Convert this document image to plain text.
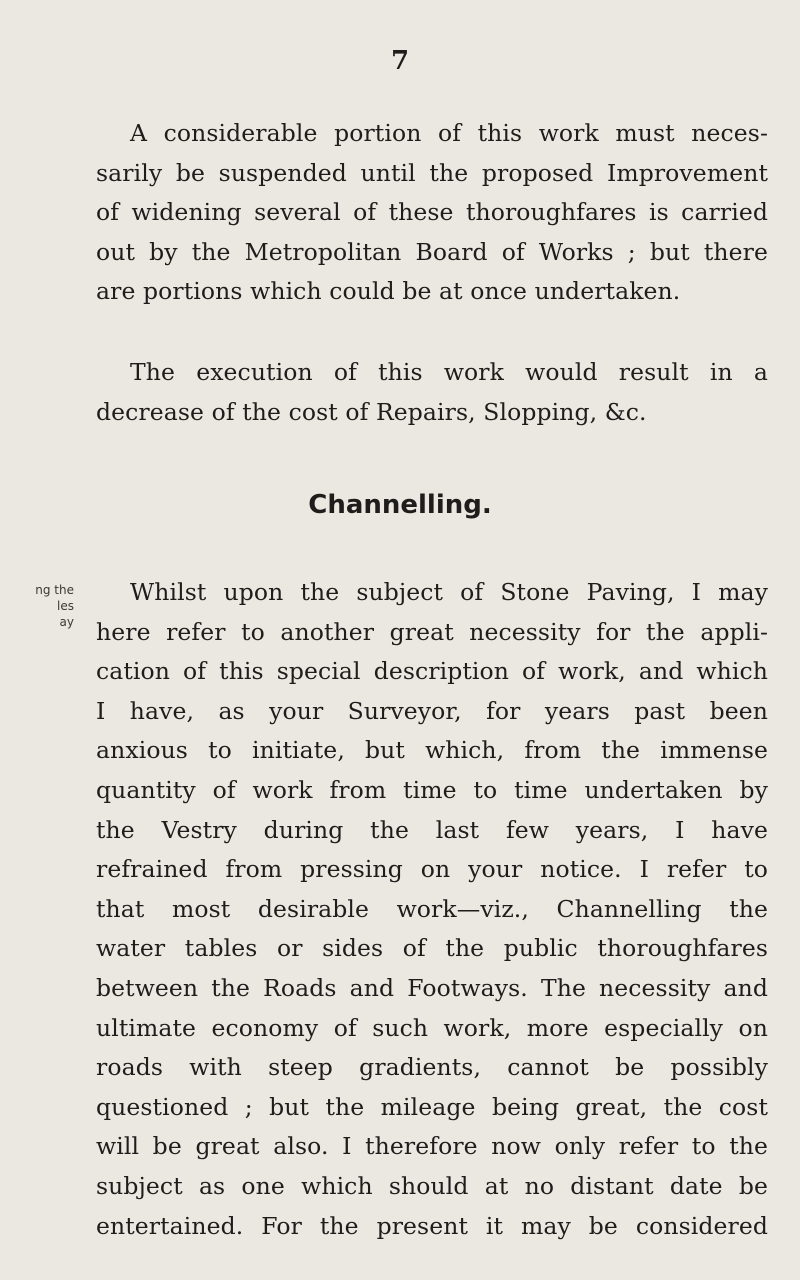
7
A considerable portion of this work must neces-
sarily be suspended until the proposed Improvement
of widening several of these thoroughfares is carried
out by the Metropolitan Board of Works ; but there
are portions which could be at once undertaken.
The execution of this work would result in a
decrease of the cost of Repairs, Slopping, &c.
Channelling.
ng the
les
ay
Whilst upon the subject of Stone Paving, I may
here refer to another great necessity for the appli-
cation of this special description of work, and which
I have, as your Surveyor, for years past been
anxious to initiate, but which, from the immense
quantity of work from time to time undertaken by
the Vestry during the last few years, I have
refrained from pressing on your notice. I refer to
that most desirable work—viz., Channelling the
water tables or sides of the public thoroughfares
between the Roads and Footways. The necessity and
ultimate economy of such work, more especially on
roads with steep gradients, cannot be possibly
questioned ; but the mileage being great, the cost
will be great also. I therefore now only refer to the
subject as one which should at no distant date be
entertained. For the present it may be considered
